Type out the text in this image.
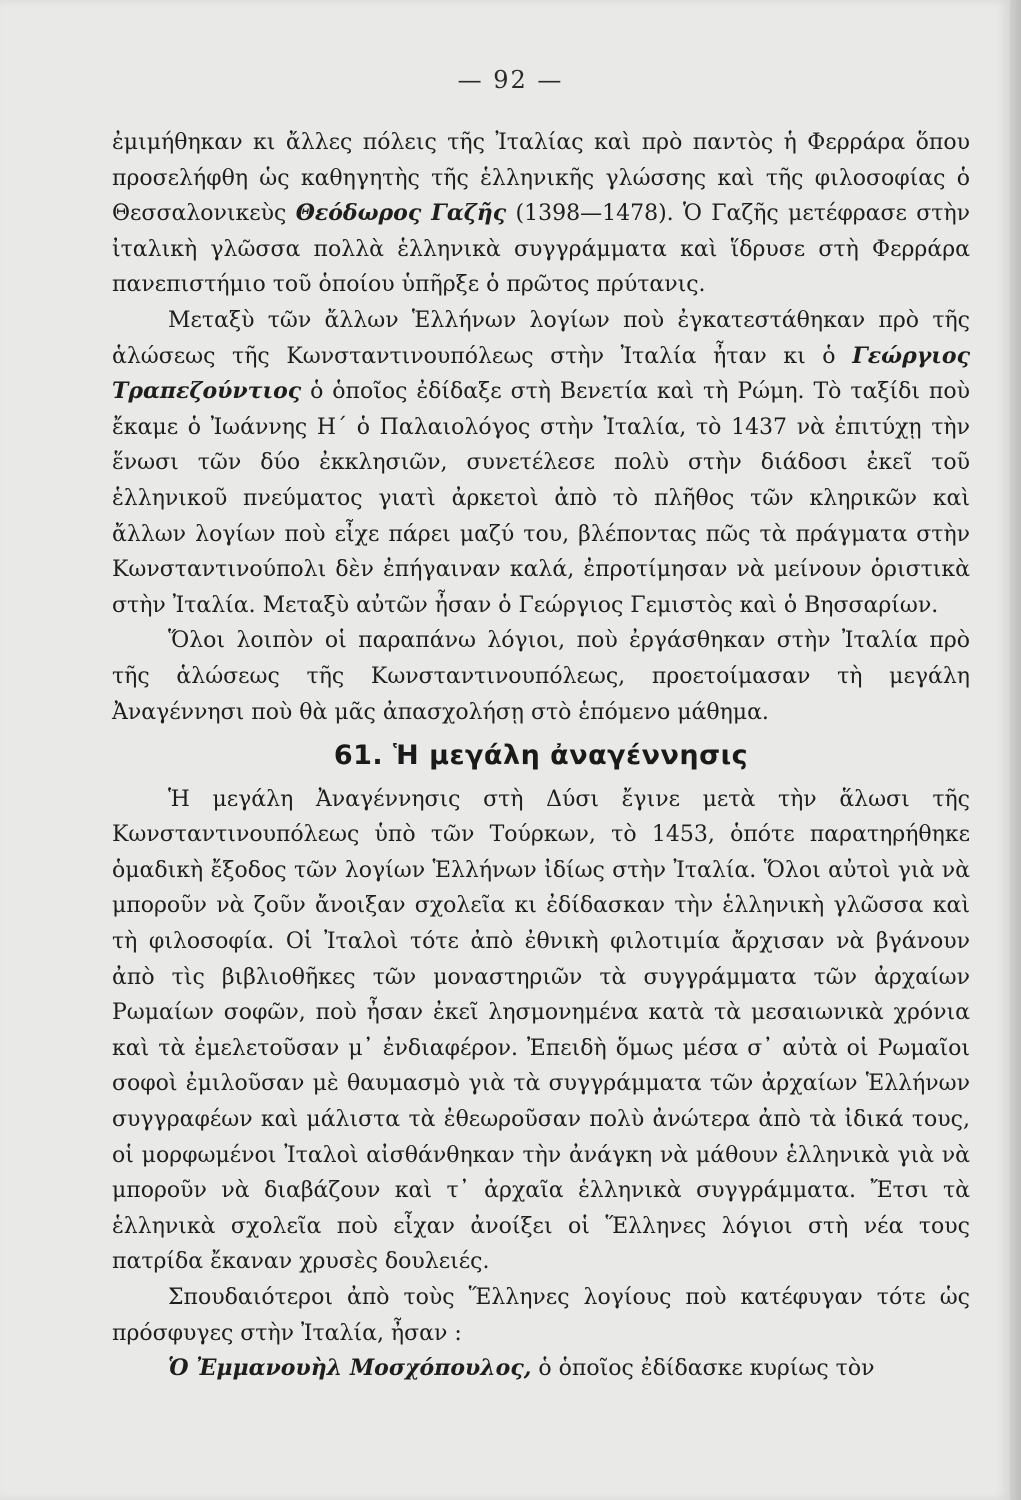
— 92 —

ἐμιμήθηκαν κι ἄλλες πόλεις τῆς Ἰταλίας καὶ πρὸ παντὸς ἡ Φερράρα ὅπου προσελήφθη ὡς καθηγητὴς τῆς ἑλληνικῆς γλώσσης καὶ τῆς φιλοσοφίας ὁ Θεσσαλονικεὺς Θεόδωρος Γαζῆς (1398—1478). Ὁ Γαζῆς μετέφρασε στὴν ἰταλικὴ γλῶσσα πολλὰ ἑλληνικὰ συγγράμματα καὶ ἵδρυσε στὴ Φερράρα πανεπιστήμιο τοῦ ὁποίου ὑπῆρξε ὁ πρῶτος πρύτανις.

Μεταξὺ τῶν ἄλλων Ἑλλήνων λογίων ποὺ ἐγκατεστάθηκαν πρὸ τῆς ἁλώσεως τῆς Κωνσταντινουπόλεως στὴν Ἰταλία ἦταν κι ὁ Γεώργιος Τραπεζούντιος ὁ ὁποῖος ἐδίδαξε στὴ Βενετία καὶ τὴ Ρώμη. Τὸ ταξίδι ποὺ ἔκαμε ὁ Ἰωάννης Η΄ ὁ Παλαιολόγος στὴν Ἰταλία, τὸ 1437 νὰ ἐπιτύχῃ τὴν ἕνωσι τῶν δύο ἐκκλησιῶν, συνετέλεσε πολὺ στὴν διάδοσι ἐκεῖ τοῦ ἑλληνικοῦ πνεύματος γιατὶ ἀρκετοὶ ἀπὸ τὸ πλῆθος τῶν κληρικῶν καὶ ἄλλων λογίων ποὺ εἶχε πάρει μαζύ του, βλέποντας πῶς τὰ πράγματα στὴν Κωνσταντινούπολι δὲν ἐπήγαιναν καλά, ἐπροτίμησαν νὰ μείνουν ὁριστικὰ στὴν Ἰταλία. Μεταξὺ αὐτῶν ἦσαν ὁ Γεώργιος Γεμιστὸς καὶ ὁ Βησσαρίων.

Ὅλοι λοιπὸν οἱ παραπάνω λόγιοι, ποὺ ἐργάσθηκαν στὴν Ἰταλία πρὸ τῆς ἁλώσεως τῆς Κωνσταντινουπόλεως, προετοίμασαν τὴ μεγάλη Ἀναγέννησι ποὺ θὰ μᾶς ἀπασχολήσῃ στὸ ἑπόμενο μάθημα.

61. Ἡ μεγάλη ἀναγέννησις

Ἡ μεγάλη Ἀναγέννησις στὴ Δύσι ἔγινε μετὰ τὴν ἅλωσι τῆς Κωνσταντινουπόλεως ὑπὸ τῶν Τούρκων, τὸ 1453, ὁπότε παρατηρήθηκε ὁμαδικὴ ἔξοδος τῶν λογίων Ἑλλήνων ἰδίως στὴν Ἰταλία. Ὅλοι αὐτοὶ γιὰ νὰ μποροῦν νὰ ζοῦν ἄνοιξαν σχολεῖα κι ἐδίδασκαν τὴν ἑλληνικὴ γλῶσσα καὶ τὴ φιλοσοφία. Οἱ Ἰταλοὶ τότε ἀπὸ ἐθνικὴ φιλοτιμία ἄρχισαν νὰ βγάνουν ἀπὸ τὶς βιβλιοθῆκες τῶν μοναστηριῶν τὰ συγγράμματα τῶν ἀρχαίων Ρωμαίων σοφῶν, ποὺ ἦσαν ἐκεῖ λησμονημένα κατὰ τὰ μεσαιωνικὰ χρόνια καὶ τὰ ἐμελετοῦσαν μ᾽ ἐνδιαφέρον. Ἐπειδὴ ὅμως μέσα σ᾽ αὐτὰ οἱ Ρωμαῖοι σοφοὶ ἐμιλοῦσαν μὲ θαυμασμὸ γιὰ τὰ συγγράμματα τῶν ἀρχαίων Ἑλλήνων συγγραφέων καὶ μάλιστα τὰ ἐθεωροῦσαν πολὺ ἀνώτερα ἀπὸ τὰ ἰδικά τους, οἱ μορφωμένοι Ἰταλοὶ αἰσθάνθηκαν τὴν ἀνάγκη νὰ μάθουν ἑλληνικὰ γιὰ νὰ μποροῦν νὰ διαβάζουν καὶ τ᾽ ἀρχαῖα ἑλληνικὰ συγγράμματα. Ἔτσι τὰ ἑλληνικὰ σχολεῖα ποὺ εἶχαν ἀνοίξει οἱ Ἕλληνες λόγιοι στὴ νέα τους πατρίδα ἔκαναν χρυσὲς δουλειές.

Σπουδαιότεροι ἀπὸ τοὺς Ἕλληνες λογίους ποὺ κατέφυγαν τότε ὡς πρόσφυγες στὴν Ἰταλία, ἦσαν :

Ὁ Ἐμμανουὴλ Μοσχόπουλος, ὁ ὁποῖος ἐδίδασκε κυρίως τὸν
